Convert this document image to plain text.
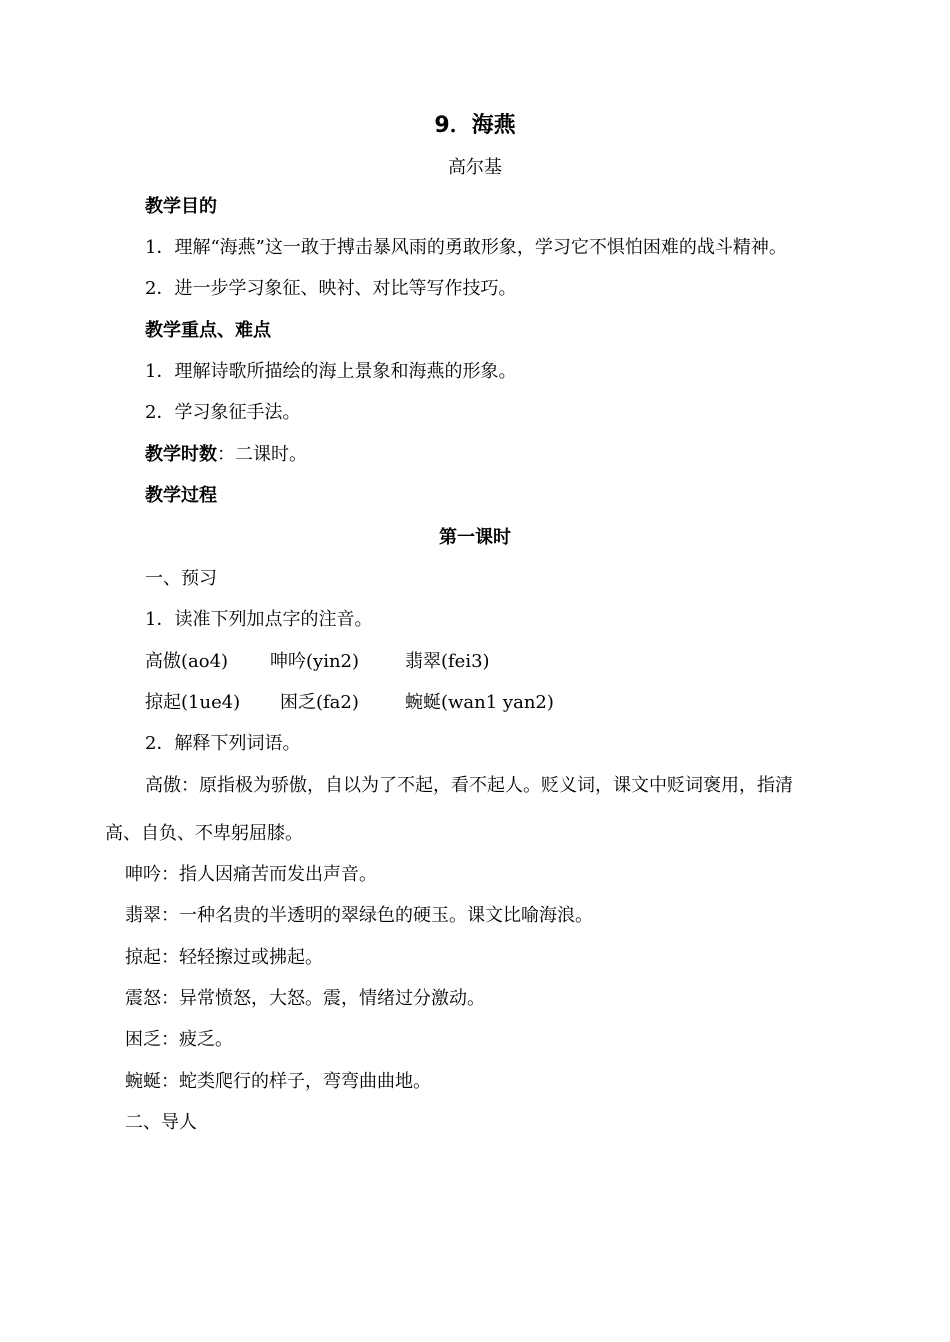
9．海燕
高尔基
教学目的
1．理解“海燕”这一敢于搏击暴风雨的勇敢形象，学习它不惧怕困难的战斗精神。
2．进一步学习象征、映衬、对比等写作技巧。
教学重点、难点
1．理解诗歌所描绘的海上景象和海燕的形象。
2．学习象征手法。
教学时数：二课时。
教学过程
第一课时
一、预习
1．读准下列加点字的注音。
高傲(ao4) 呻吟(yin2)	翡翠(fei3)
掠起(1ue4) 困乏(fa2)	蜿蜒(wan1 yan2)
2．解释下列词语。
高傲：原指极为骄傲，自以为了不起，看不起人。贬义词，课文中贬词褒用，指清
高、自负、不卑躬屈膝。
呻吟：指人因痛苦而发出声音。
翡翠：一种名贵的半透明的翠绿色的硬玉。课文比喻海浪。
掠起：轻轻擦过或拂起。
震怒：异常愤怒，大怒。震，情绪过分激动。
困乏：疲乏。
蜿蜒：蛇类爬行的样子，弯弯曲曲地。
二、导人
